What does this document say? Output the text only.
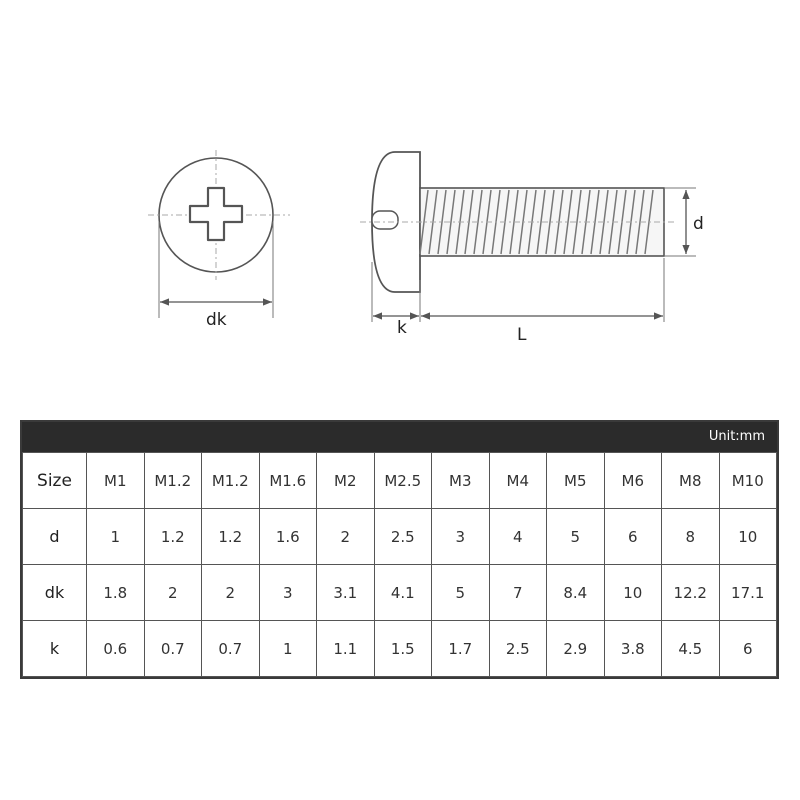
dk
d
k	L
Unit:mm
Size	M1	M1.2	M1.2	M1.6	M2	M2.5	M3	M4	M5	M6	M8	M10
d	1	1.2	1.2	1.6	2	2.5	3	4	5	6	8	10
dk	1.8	2	2	3	3.1	4.1	5	7	8.4	10	12.2	17.1
k	0.6	0.7	0.7	1	1.1	1.5	1.7	2.5	2.9	3.8	4.5	6
